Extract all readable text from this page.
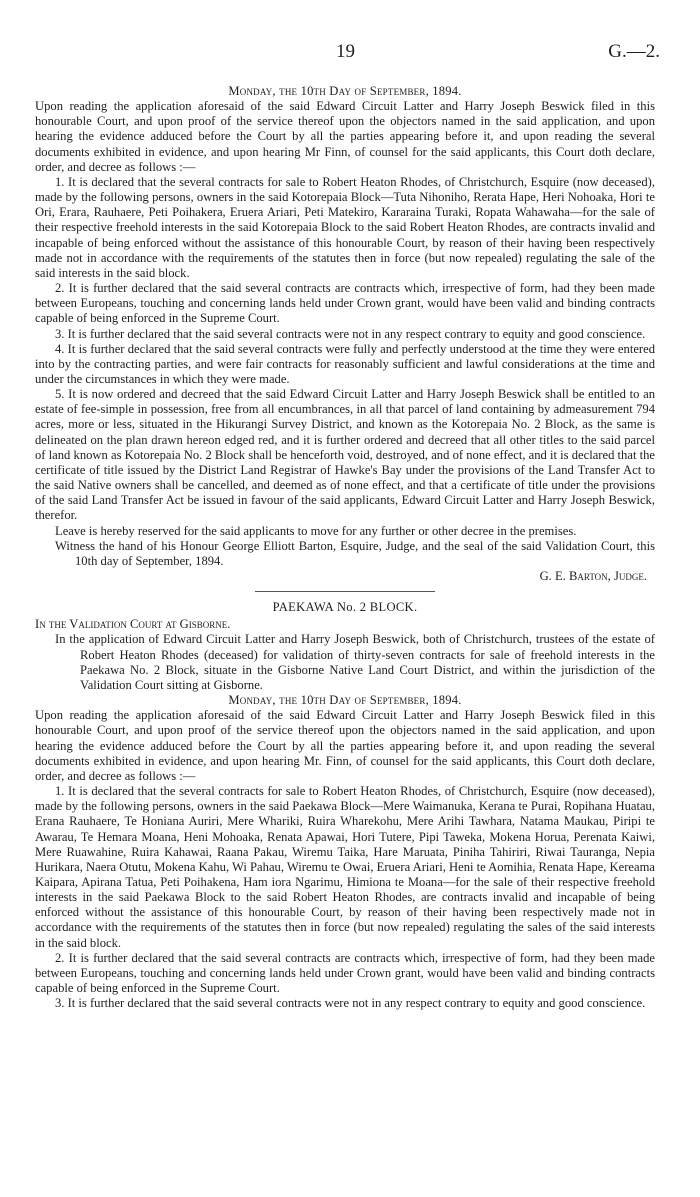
19	G.—2.
Monday, the 10th Day of September, 1894.

Upon reading the application aforesaid of the said Edward Circuit Latter and Harry Joseph Beswick filed in this honourable Court, and upon proof of the service thereof upon the objectors named in the said application, and upon hearing the evidence adduced before the Court by all the parties appearing before it, and upon reading the several documents exhibited in evidence, and upon hearing Mr Finn, of counsel for the said applicants, this Court doth declare, order, and decree as follows :—

1. It is declared that the several contracts for sale to Robert Heaton Rhodes, of Christchurch, Esquire (now deceased), made by the following persons, owners in the said Kotorepaia Block—Tuta Nihoniho, Rerata Hape, Heri Nohoaka, Hori te Ori, Erara, Rauhaere, Peti Poihakera, Eruera Ariari, Peti Matekiro, Kararaina Turaki, Ropata Wahawaha—for the sale of their respective freehold interests in the said Kotorepaia Block to the said Robert Heaton Rhodes, are contracts invalid and incapable of being enforced without the assistance of this honourable Court, by reason of their having been respectively made not in accordance with the requirements of the statutes then in force (but now repealed) regulating the sale of the said interests in the said block.

2. It is further declared that the said several contracts are contracts which, irrespective of form, had they been made between Europeans, touching and concerning lands held under Crown grant, would have been valid and binding contracts capable of being enforced in the Supreme Court.

3. It is further declared that the said several contracts were not in any respect contrary to equity and good conscience.

4. It is further declared that the said several contracts were fully and perfectly understood at the time they were entered into by the contracting parties, and were fair contracts for reasonably sufficient and lawful considerations at the time and under the circumstances in which they were made.

5. It is now ordered and decreed that the said Edward Circuit Latter and Harry Joseph Beswick shall be entitled to an estate of fee-simple in possession, free from all encumbrances, in all that parcel of land containing by admeasurement 794 acres, more or less, situated in the Hikurangi Survey District, and known as the Kotorepaia No. 2 Block, as the same is delineated on the plan drawn hereon edged red, and it is further ordered and decreed that all other titles to the said parcel of land known as Kotorepaia No. 2 Block shall be henceforth void, destroyed, and of none effect, and it is declared that the certificate of title issued by the District Land Registrar of Hawke's Bay under the provisions of the Land Transfer Act to the said Native owners shall be cancelled, and deemed as of none effect, and that a certificate of title under the provisions of the said Land Transfer Act be issued in favour of the said applicants, Edward Circuit Latter and Harry Joseph Beswick, therefor.

Leave is hereby reserved for the said applicants to move for any further or other decree in the premises.

Witness the hand of his Honour George Elliott Barton, Esquire, Judge, and the seal of the said Validation Court, this 10th day of September, 1894.

G. E. Barton, Judge.
PAEKAWA No. 2 BLOCK.
In the Validation Court at Gisborne.

In the application of Edward Circuit Latter and Harry Joseph Beswick, both of Christchurch, trustees of the estate of Robert Heaton Rhodes (deceased) for validation of thirty-seven contracts for sale of freehold interests in the Paekawa No. 2 Block, situate in the Gisborne Native Land Court District, and within the jurisdiction of the Validation Court sitting at Gisborne.

Monday, the 10th Day of September, 1894.

Upon reading the application aforesaid of the said Edward Circuit Latter and Harry Joseph Beswick filed in this honourable Court, and upon proof of the service thereof upon the objectors named in the said application, and upon hearing the evidence adduced before the Court by all the parties appearing before it, and upon reading the several documents exhibited in evidence, and upon hearing Mr. Finn, of counsel for the said applicants, this Court doth declare, order, and decree as follows :—

1. It is declared that the several contracts for sale to Robert Heaton Rhodes, of Christchurch, Esquire (now deceased), made by the following persons, owners in the said Paekawa Block—Mere Waimanuka, Kerana te Purai, Ropihana Huatau, Erana Rauhaere, Te Honiana Auriri, Mere Whariki, Ruira Wharekohu, Mere Arihi Tawhara, Natama Maukau, Piripi te Awarau, Te Hemara Moana, Heni Mohoaka, Renata Apawai, Hori Tutere, Pipi Taweka, Mokena Horua, Perenata Kaiwi, Mere Ruawahine, Ruira Kahawai, Raana Pakau, Wiremu Taika, Hare Maruata, Piniha Tahiriri, Riwai Tauranga, Nepia Hurikara, Naera Otutu, Mokena Kahu, Wi Pahau, Wiremu te Owai, Eruera Ariari, Heni te Aomihia, Renata Hape, Kereama Kaipara, Apirana Tatua, Peti Poihakena, Ham iora Ngarimu, Himiona te Moana—for the sale of their respective freehold interests in the said Paekawa Block to the said Robert Heaton Rhodes, are contracts invalid and incapable of being enforced without the assistance of this honourable Court, by reason of their having been respectively made not in accordance with the requirements of the statutes then in force (but now repealed) regulating the sales of the said interests in the said block.

2. It is further declared that the said several contracts are contracts which, irrespective of form, had they been made between Europeans, touching and concerning lands held under Crown grant, would have been valid and binding contracts capable of being enforced in the Supreme Court.

3. It is further declared that the said several contracts were not in any respect contrary to equity and good conscience.
